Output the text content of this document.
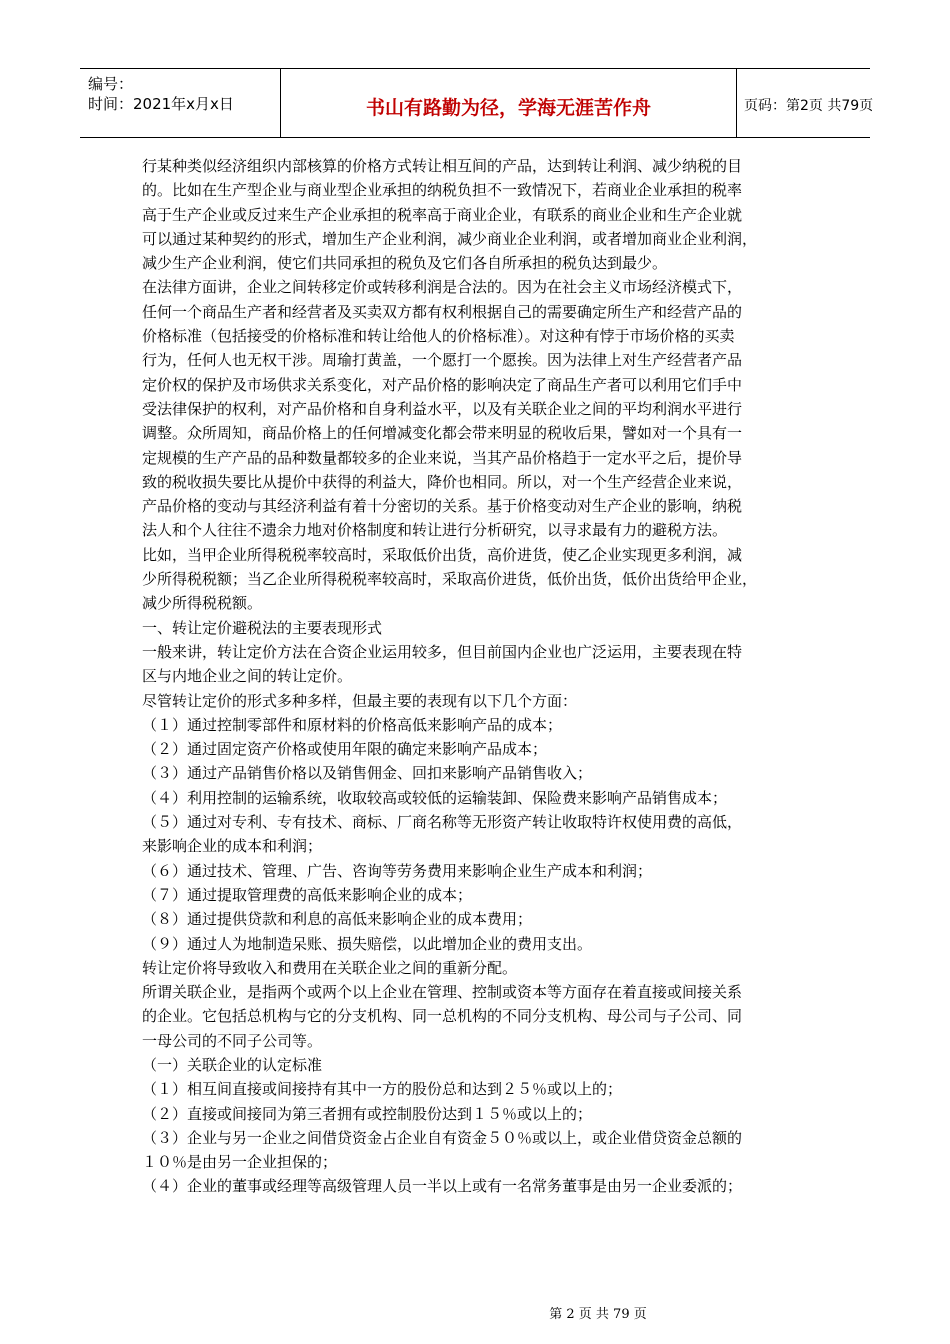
编号：
时间：2021年x月x日	书山有路勤为径，学海无涯苦作舟	页码：第2页 共79页
行某种类似经济组织内部核算的价格方式转让相互间的产品，达到转让利润、减少纳税的目
的。比如在生产型企业与商业型企业承担的纳税负担不一致情况下，若商业企业承担的税率
高于生产企业或反过来生产企业承担的税率高于商业企业，有联系的商业企业和生产企业就
可以通过某种契约的形式，增加生产企业利润，减少商业企业利润，或者增加商业企业利润，
减少生产企业利润，使它们共同承担的税负及它们各自所承担的税负达到最少。
在法律方面讲，企业之间转移定价或转移利润是合法的。因为在社会主义市场经济模式下，
任何一个商品生产者和经营者及买卖双方都有权利根据自己的需要确定所生产和经营产品的
价格标准（包括接受的价格标准和转让给他人的价格标准）。对这种有悖于市场价格的买卖
行为，任何人也无权干涉。周瑜打黄盖，一个愿打一个愿挨。因为法律上对生产经营者产品
定价权的保护及市场供求关系变化，对产品价格的影响决定了商品生产者可以利用它们手中
受法律保护的权利，对产品价格和自身利益水平，以及有关联企业之间的平均利润水平进行
调整。众所周知，商品价格上的任何增减变化都会带来明显的税收后果，譬如对一个具有一
定规模的生产产品的品种数量都较多的企业来说，当其产品价格趋于一定水平之后，提价导
致的税收损失要比从提价中获得的利益大，降价也相同。所以，对一个生产经营企业来说，
产品价格的变动与其经济利益有着十分密切的关系。基于价格变动对生产企业的影响，纳税
法人和个人往往不遗余力地对价格制度和转让进行分析研究，以寻求最有力的避税方法。
比如，当甲企业所得税税率较高时，采取低价出货，高价进货，使乙企业实现更多利润，减
少所得税税额；当乙企业所得税税率较高时，采取高价进货，低价出货，低价出货给甲企业，
减少所得税税额。
一、转让定价避税法的主要表现形式
一般来讲，转让定价方法在合资企业运用较多，但目前国内企业也广泛运用，主要表现在特
区与内地企业之间的转让定价。
尽管转让定价的形式多种多样，但最主要的表现有以下几个方面：
（１）通过控制零部件和原材料的价格高低来影响产品的成本；
（２）通过固定资产价格或使用年限的确定来影响产品成本；
（３）通过产品销售价格以及销售佣金、回扣来影响产品销售收入；
（４）利用控制的运输系统，收取较高或较低的运输装卸、保险费来影响产品销售成本；
（５）通过对专利、专有技术、商标、厂商名称等无形资产转让收取特许权使用费的高低，
来影响企业的成本和利润；
（６）通过技术、管理、广告、咨询等劳务费用来影响企业生产成本和利润；
（７）通过提取管理费的高低来影响企业的成本；
（８）通过提供贷款和利息的高低来影响企业的成本费用；
（９）通过人为地制造呆账、损失赔偿，以此增加企业的费用支出。
转让定价将导致收入和费用在关联企业之间的重新分配。
所谓关联企业，是指两个或两个以上企业在管理、控制或资本等方面存在着直接或间接关系
的企业。它包括总机构与它的分支机构、同一总机构的不同分支机构、母公司与子公司、同
一母公司的不同子公司等。
（一）关联企业的认定标准
（１）相互间直接或间接持有其中一方的股份总和达到２５％或以上的；
（２）直接或间接同为第三者拥有或控制股份达到１５％或以上的；
（３）企业与另一企业之间借贷资金占企业自有资金５０％或以上，或企业借贷资金总额的
１０％是由另一企业担保的；
（４）企业的董事或经理等高级管理人员一半以上或有一名常务董事是由另一企业委派的；
第 2 页 共 79 页
